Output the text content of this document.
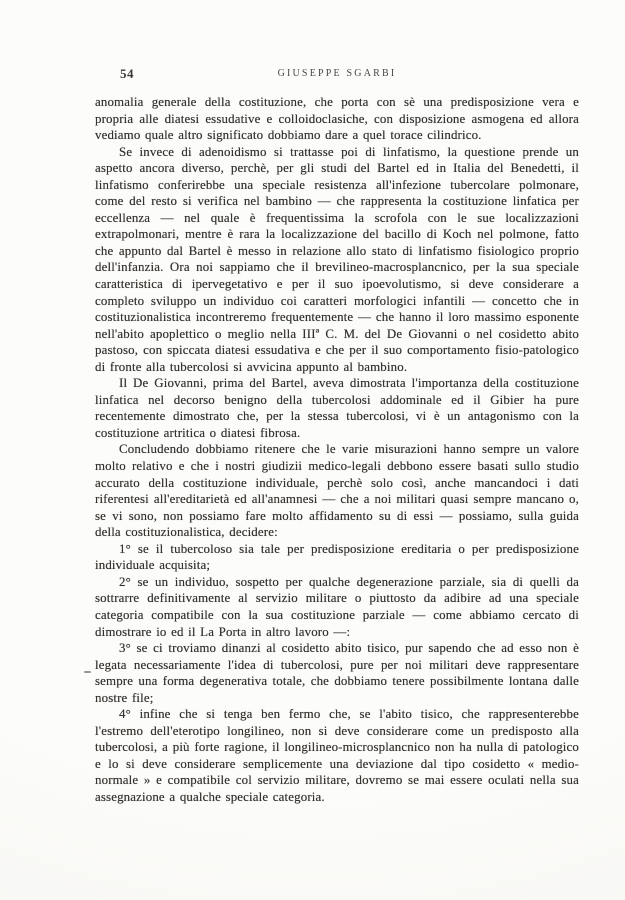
54	GIUSEPPE SGARBI
anomalia generale della costituzione, che porta con sè una predisposizione vera e propria alle diatesi essudative e colloidoclasiche, con disposizione asmogena ed allora vediamo quale altro significato dobbiamo dare a quel torace cilindrico.
Se invece di adenoidismo si trattasse poi di linfatismo, la questione prende un aspetto ancora diverso, perchè, per gli studi del Bartel ed in Italia del Benedetti, il linfatismo conferirebbe una speciale resistenza all'infezione tubercolare polmonare, come del resto si verifica nel bambino — che rappresenta la costituzione linfatica per eccellenza — nel quale è frequentissima la scrofola con le sue localizzazioni extrapolmonari, mentre è rara la localizzazione del bacillo di Koch nel polmone, fatto che appunto dal Bartel è messo in relazione allo stato di linfatismo fisiologico proprio dell'infanzia. Ora noi sappiamo che il brevilineo-macrosplancnico, per la sua speciale caratteristica di ipervegetativo e per il suo ipoevolutismo, si deve considerare a completo sviluppo un individuo coi caratteri morfologici infantili — concetto che in costituzionalistica incontreremo frequentemente — che hanno il loro massimo esponente nell'abito apoplettico o meglio nella IIIª C. M. del De Giovanni o nel cosidetto abito pastoso, con spiccata diatesi essudativa e che per il suo comportamento fisio-patologico di fronte alla tubercolosi si avvicina appunto al bambino.
Il De Giovanni, prima del Bartel, aveva dimostrata l'importanza della costituzione linfatica nel decorso benigno della tubercolosi addominale ed il Gibier ha pure recentemente dimostrato che, per la stessa tubercolosi, vi è un antagonismo con la costituzione artritica o diatesi fibrosa.
Concludendo dobbiamo ritenere che le varie misurazioni hanno sempre un valore molto relativo e che i nostri giudizii medico-legali debbono essere basati sullo studio accurato della costituzione individuale, perchè solo così, anche mancandoci i dati riferentesi all'ereditarietà ed all'anamnesi — che a noi militari quasi sempre mancano o, se vi sono, non possiamo fare molto affidamento su di essi — possiamo, sulla guida della costituzionalistica, decidere:
1° se il tubercoloso sia tale per predisposizione ereditaria o per predisposizione individuale acquisita;
2° se un individuo, sospetto per qualche degenerazione parziale, sia di quelli da sottrarre definitivamente al servizio militare o piuttosto da adibire ad una speciale categoria compatibile con la sua costituzione parziale — come abbiamo cercato di dimostrare io ed il La Porta in altro lavoro —:
3° se ci troviamo dinanzi al cosidetto abito tisico, pur sapendo che ad esso non è legata necessariamente l'idea di tubercolosi, pure per noi militari deve rappresentare sempre una forma degenerativa totale, che dobbiamo tenere possibilmente lontana dalle nostre file;
4° infine che si tenga ben fermo che, se l'abito tisico, che rappresenterebbe l'estremo dell'eterotipo longilineo, non si deve considerare come un predisposto alla tubercolosi, a più forte ragione, il longilineo-microsplancnico non ha nulla di patologico e lo si deve considerare semplicemente una deviazione dal tipo cosidetto « medio-normale » e compatibile col servizio militare, dovremo se mai essere oculati nella sua assegnazione a qualche speciale categoria.
